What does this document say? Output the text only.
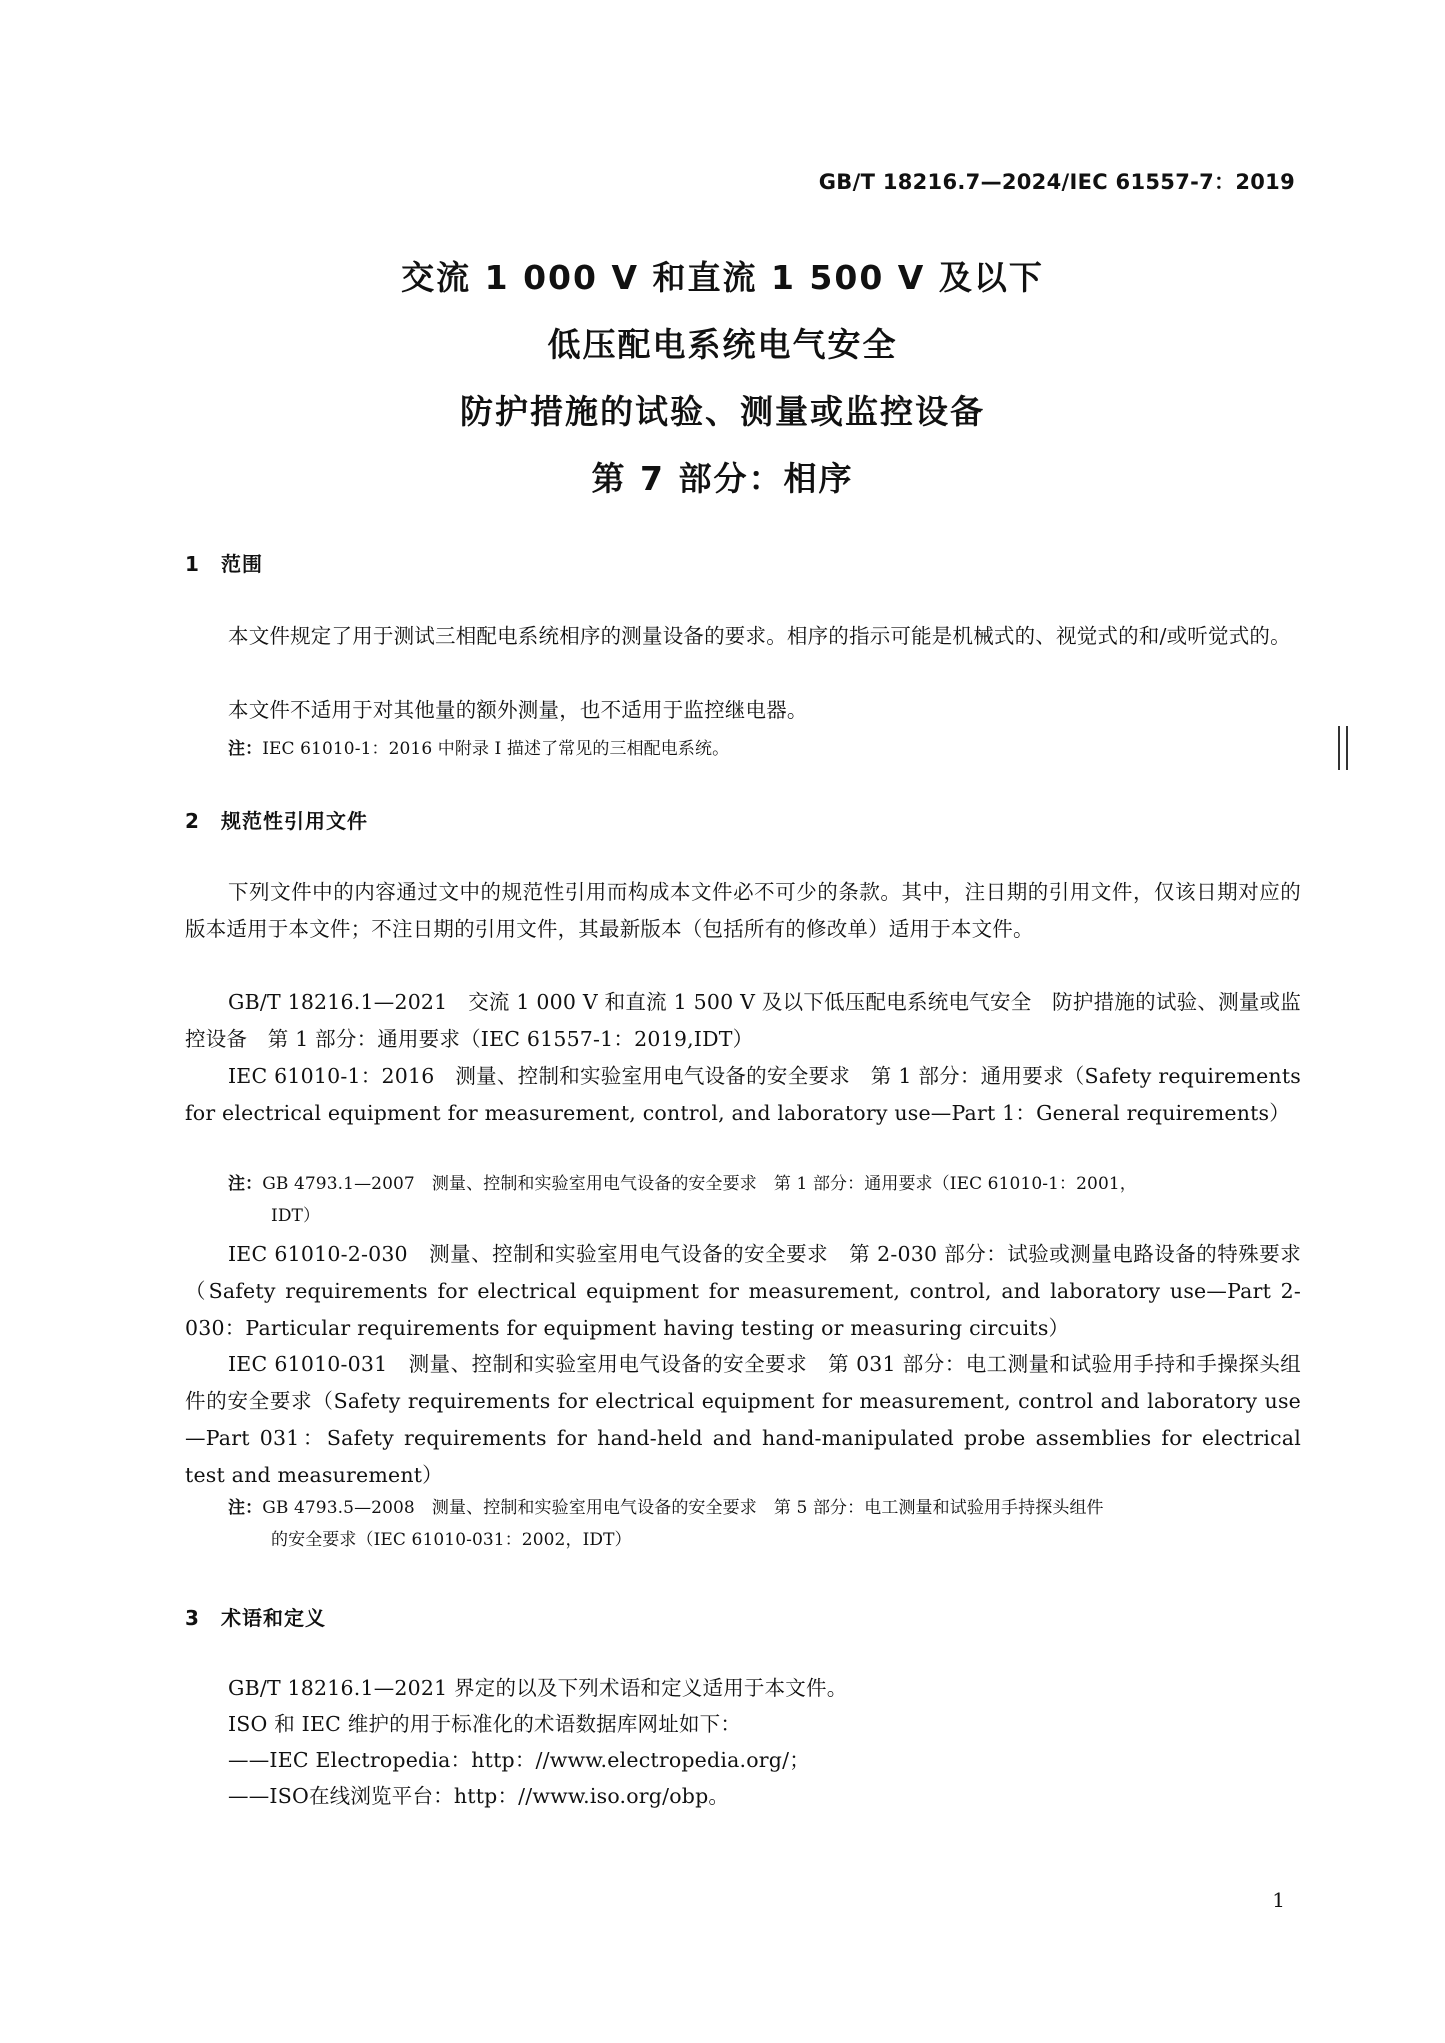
GB/T 18216.7—2024/IEC 61557-7：2019
交流 1 000 V 和直流 1 500 V 及以下
低压配电系统电气安全
防护措施的试验、测量或监控设备
第 7 部分：相序
1 范围

本文件规定了用于测试三相配电系统相序的测量设备的要求。相序的指示可能是机械式的、视觉式的和/或听觉式的。

本文件不适用于对其他量的额外测量，也不适用于监控继电器。

注：IEC 61010-1：2016 中附录 I 描述了常见的三相配电系统。
2 规范性引用文件

下列文件中的内容通过文中的规范性引用而构成本文件必不可少的条款。其中，注日期的引用文件，仅该日期对应的版本适用于本文件；不注日期的引用文件，其最新版本（包括所有的修改单）适用于本文件。

GB/T 18216.1—2021　交流 1 000 V 和直流 1 500 V 及以下低压配电系统电气安全　防护措施的试验、测量或监控设备　第 1 部分：通用要求（IEC 61557-1：2019,IDT）

IEC 61010-1：2016　测量、控制和实验室用电气设备的安全要求　第 1 部分：通用要求（Safety requirements for electrical equipment for measurement, control, and laboratory use—Part 1：General requirements）

注：GB 4793.1—2007　测量、控制和实验室用电气设备的安全要求　第 1 部分：通用要求（IEC 61010-1：2001，
IDT）

IEC 61010-2-030　测量、控制和实验室用电气设备的安全要求　第 2-030 部分：试验或测量电路设备的特殊要求（Safety requirements for electrical equipment for measurement, control, and laboratory use—Part 2-030：Particular requirements for equipment having testing or measuring circuits）

IEC 61010-031　测量、控制和实验室用电气设备的安全要求　第 031 部分：电工测量和试验用手持和手操探头组件的安全要求（Safety requirements for electrical equipment for measurement, control and laboratory use—Part 031：Safety requirements for hand-held and hand-manipulated probe assemblies for electrical test and measurement）

注：GB 4793.5—2008　测量、控制和实验室用电气设备的安全要求　第 5 部分：电工测量和试验用手持探头组件
的安全要求（IEC 61010-031：2002，IDT）
3 术语和定义

GB/T 18216.1—2021 界定的以及下列术语和定义适用于本文件。

ISO 和 IEC 维护的用于标准化的术语数据库网址如下：

——IEC Electropedia：http：//www.electropedia.org/；

——ISO在线浏览平台：http：//www.iso.org/obp。

1
